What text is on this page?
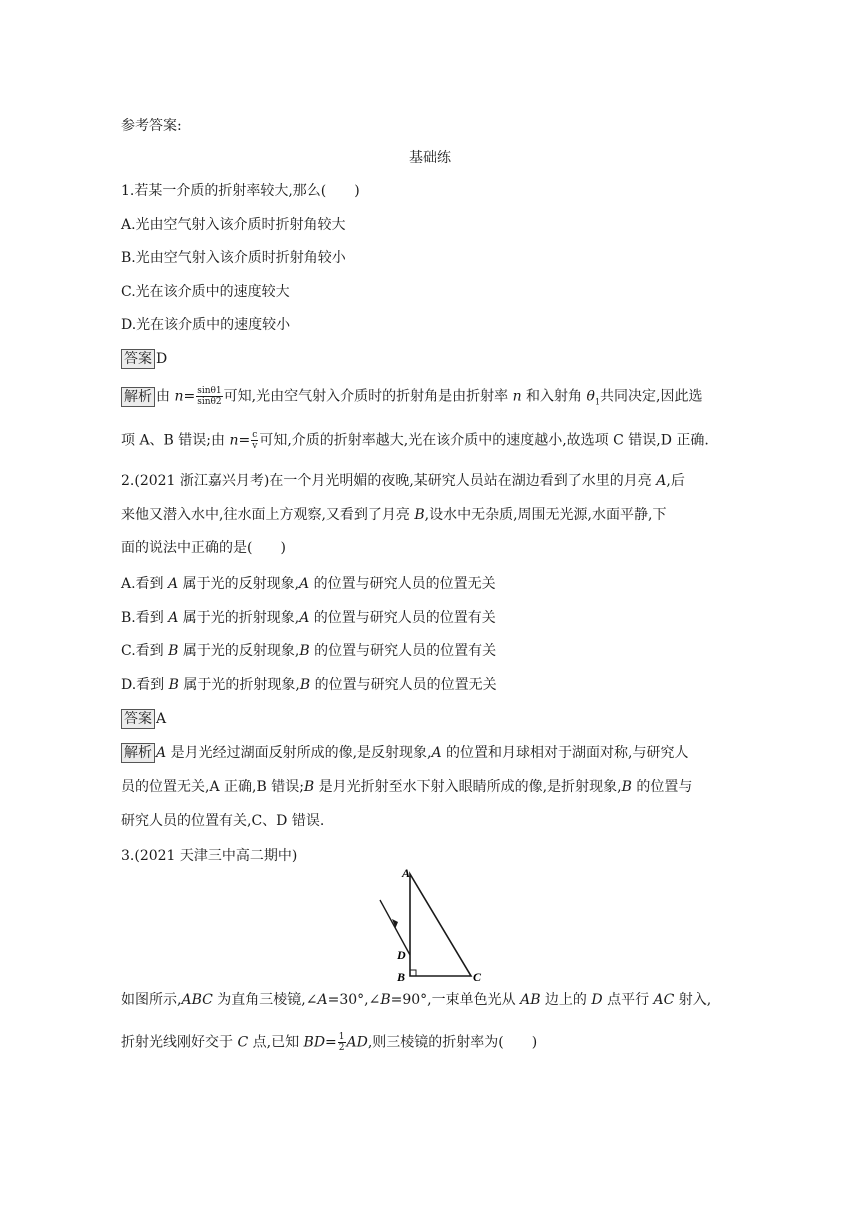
参考答案:
基础练
1.若某一介质的折射率较大,那么(　　)
A.光由空气射入该介质时折射角较大
B.光由空气射入该介质时折射角较小
C.光在该介质中的速度较大
D.光在该介质中的速度较小
答案 D
解析 由 $n= \frac{\sin\theta 1}{\sin\theta 2}$ 可知,光由空气射入介质时的折射角是由折射率 n 和入射角 $\theta_1$共同决定,因此选
项 A、B 错误;由 $n= \frac{c}{v}$ 可知,介质的折射率越大,光在该介质中的速度越小,故选项 C 错误,D 正确.
2.(2021 浙江嘉兴月考)在一个月光明媚的夜晚,某研究人员站在湖边看到了水里的月亮 A,后
来他又潜入水中,往水面上方观察,又看到了月亮 B,设水中无杂质,周围无光源,水面平静,下
面的说法中正确的是(　　)
A.看到 A 属于光的反射现象,A 的位置与研究人员的位置无关
B.看到 A 属于光的折射现象,A 的位置与研究人员的位置有关
C.看到 B 属于光的反射现象,B 的位置与研究人员的位置有关
D.看到 B 属于光的折射现象,B 的位置与研究人员的位置无关
答案 A
解析 A 是月光经过湖面反射所成的像,是反射现象,A 的位置和月球相对于湖面对称,与研究人
员的位置无关,A 正确,B 错误;B 是月光折射至水下射入眼睛所成的像,是折射现象,B 的位置与
研究人员的位置有关,C、D 错误.
3.(2021 天津三中高二期中)
A
D
B	C
如图所示,ABC 为直角三棱镜,∠A=30°,∠B=90°,一束单色光从 AB 边上的 D 点平行 AC 射入,
折射光线刚好交于 C 点,已知 $BD= \frac{1}{2}$ AD,则三棱镜的折射率为(　　)
